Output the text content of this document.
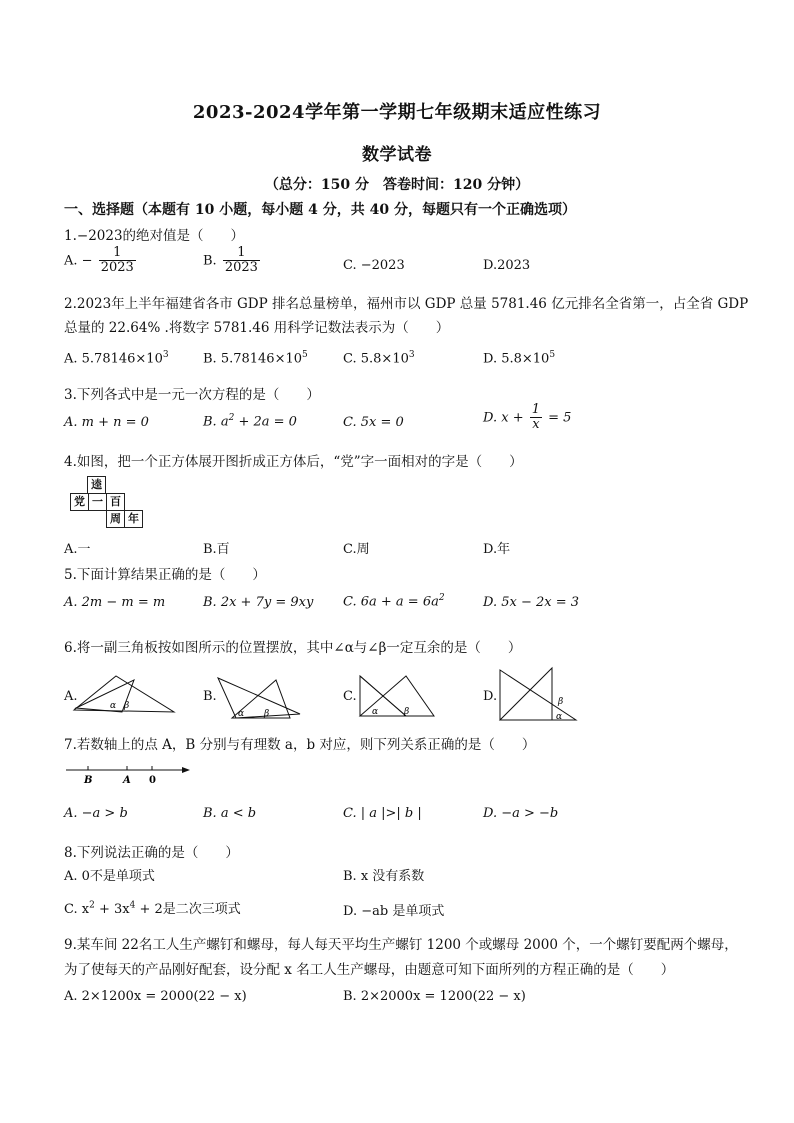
2023-2024学年第一学期七年级期末适应性练习
数学试卷
（总分：150 分　答卷时间：120 分钟）
一、选择题（本题有 10 小题，每小题 4 分，共 40 分，每题只有一个正确选项）
1.−2023的绝对值是（　　）
A. − $\frac{1}{2023}$	B. $\frac{1}{2023}$	C. −2023	D.2023
2.2023年上半年福建省各市 GDP 排名总量榜单，福州市以 GDP 总量 5781.46 亿元排名全省第一，占全省 GDP
总量的 22.64% .将数字 5781.46 用科学记数法表示为（　　）
A. $5.78146\times 10^3$	B. $5.78146\times 10^5$	C. $5.8\times 10^3$	D. $5.8\times 10^5$
3.下列各式中是一元一次方程的是（　　）
A. m + n = 0	B. $a^2 + 2a = 0$	C. 5x = 0	D. $x + \frac{1}{x} = 5$
4.如图，把一个正方体展开图折成正方体后，“党”字一面相对的字是（　　）
逵
党 一 百
周 年
A.一	B.百	C.周	D.年
5.下面计算结果正确的是（　　）
A. 2m − m = m	B. 2x + 7y = 9xy C. $6a + a = 6a^2$	D. 5x − 2x = 3
6.将一副三角板按如图所示的位置摆放，其中∠α与∠β一定互余的是（　　）
A.
α β
B.
α β
C.
α	β
D.	β
α
7.若数轴上的点 A，B 分别与有理数 a，b 对应，则下列关系正确的是（　　）
B	A 0
A. −a > b	B. a < b	C. | a |>| b |	D. −a > −b
8.下列说法正确的是（　　）
A. 0不是单项式	B. x 没有系数
C. $x^2 + 3x^4 + 2$是二次三项式	D. −ab 是单项式
9.某车间 22名工人生产螺钉和螺母，每人每天平均生产螺钉 1200 个或螺母 2000 个，一个螺钉要配两个螺母，
为了使每天的产品刚好配套，设分配 x 名工人生产螺母，由题意可知下面所列的方程正确的是（　　）
A. 2×1200x = 2000(22 − x)	B. 2×2000x = 1200(22 − x)
